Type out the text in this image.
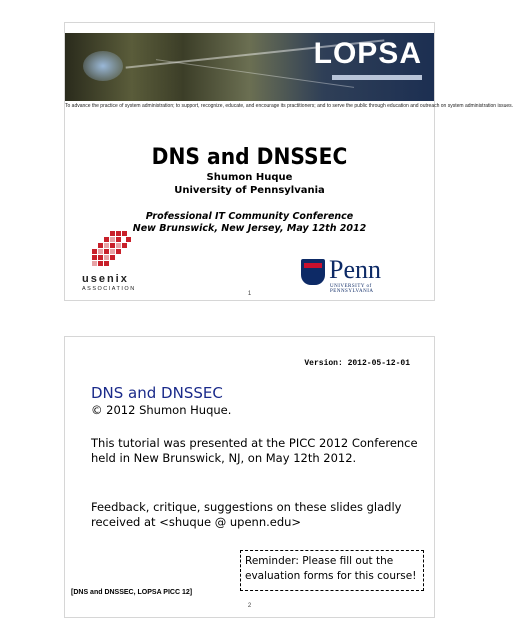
LOPSA
To advance the practice of system administration; to support, recognize, educate, and encourage its practitioners; and to serve the public through education and outreach on system administration issues.
DNS and DNSSEC
Shumon Huque
University of Pennsylvania
Professional IT Community Conference
New Brunswick, New Jersey, May 12th 2012
usenix
ASSOCIATION
Penn
UNIVERSITY of PENNSYLVANIA
1
Version: 2012-05-12-01
DNS and DNSSEC
© 2012 Shumon Huque.
This tutorial was presented at the PICC 2012 Conference held in New Brunswick, NJ, on May 12th 2012.
Feedback, critique, suggestions on these slides gladly received at <shuque @ upenn.edu>
Reminder: Please fill out the evaluation forms for this course!
[DNS and DNSSEC, LOPSA PICC 12]
2
